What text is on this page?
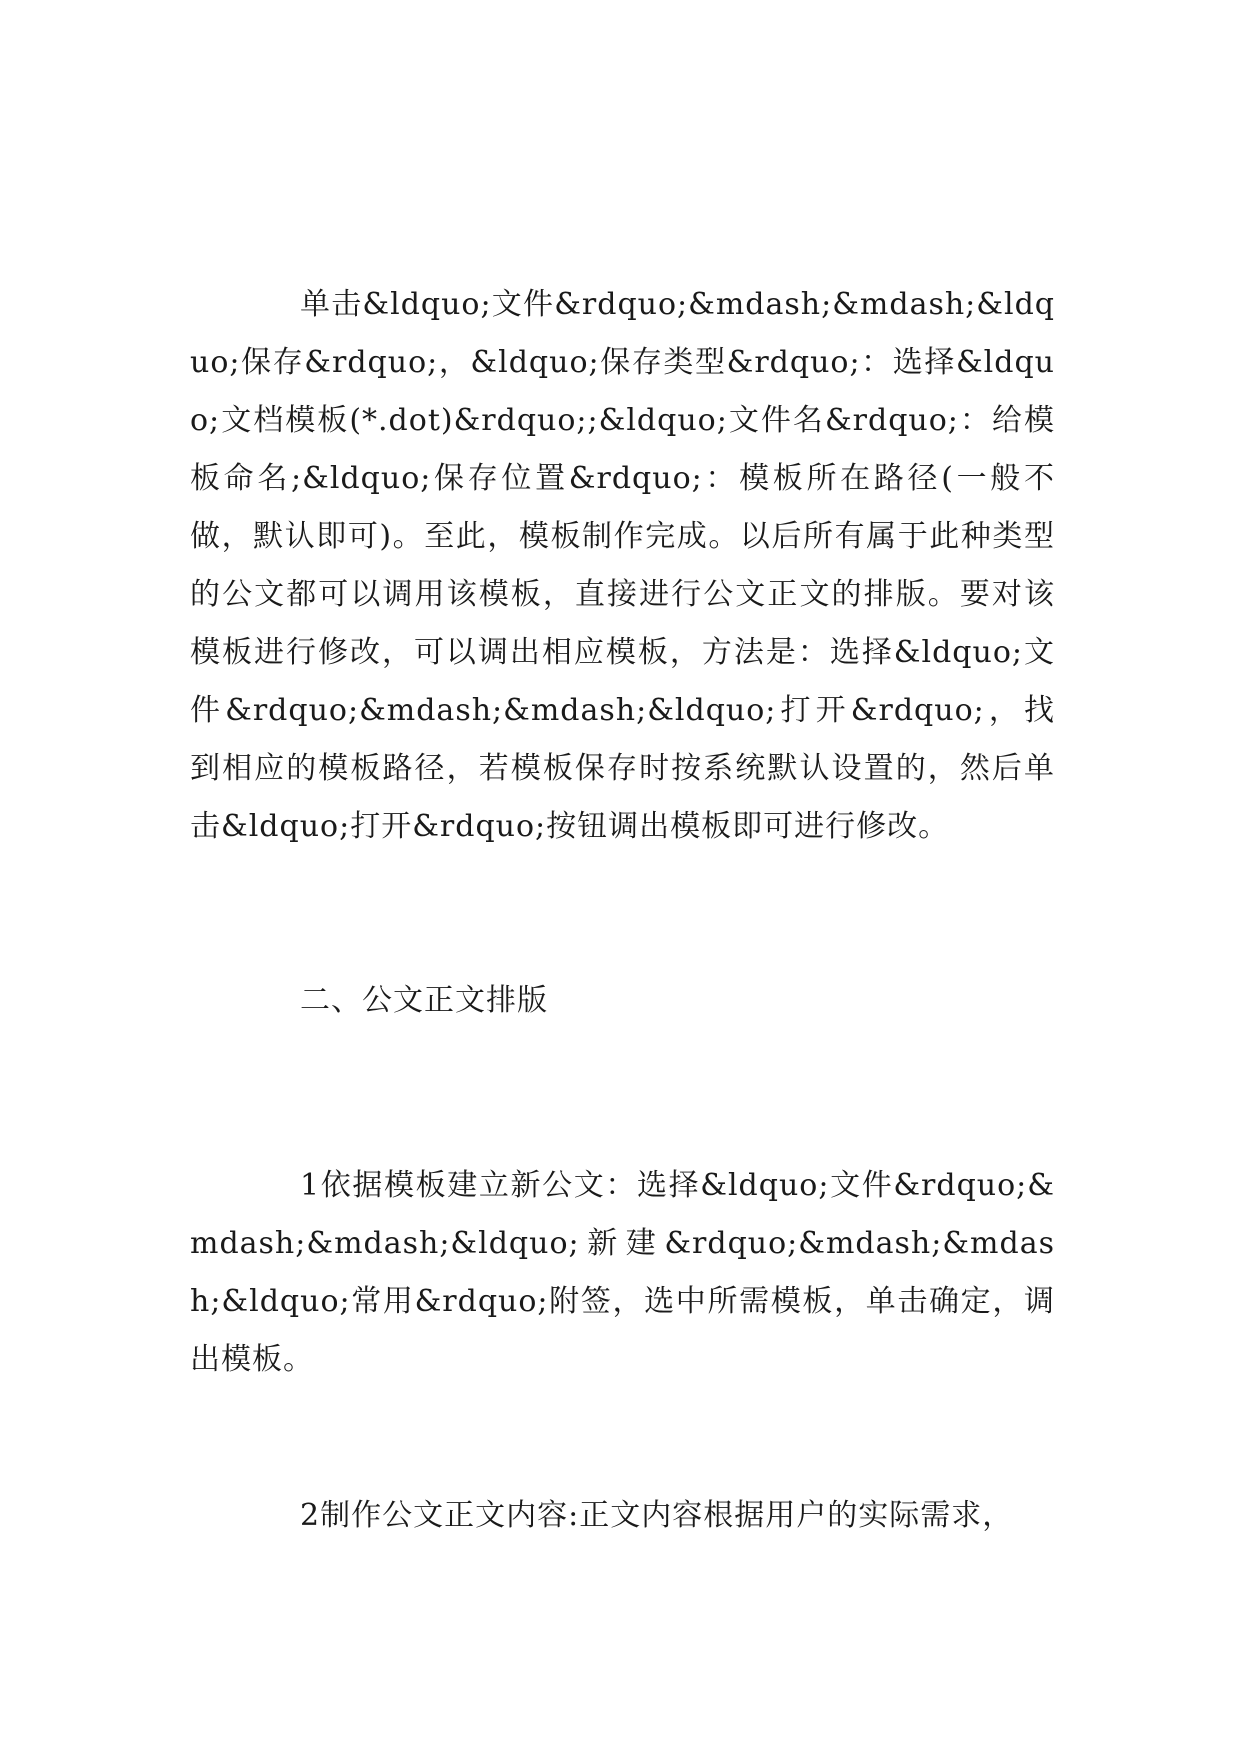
单击&ldquo;文件&rdquo;&mdash;&mdash;&ldquo;保存&rdquo;，&ldquo;保存类型&rdquo;：选择&ldquo;文档模板(*.dot)&rdquo;;&ldquo;文件名&rdquo;：给模板命名;&ldquo;保存位置&rdquo;：模板所在路径(一般不做，默认即可)。至此，模板制作完成。以后所有属于此种类型的公文都可以调用该模板，直接进行公文正文的排版。要对该模板进行修改，可以调出相应模板，方法是：选择&ldquo;文件&rdquo;&mdash;&mdash;&ldquo;打开&rdquo;，找到相应的模板路径，若模板保存时按系统默认设置的，然后单击&ldquo;打开&rdquo;按钮调出模板即可进行修改。

二、公文正文排版

1依据模板建立新公文：选择&ldquo;文件&rdquo;&mdash;&mdash;&ldquo;新建&rdquo;&mdash;&mdash;&ldquo;常用&rdquo;附签，选中所需模板，单击确定，调出模板。

2制作公文正文内容:正文内容根据用户的实际需求，
